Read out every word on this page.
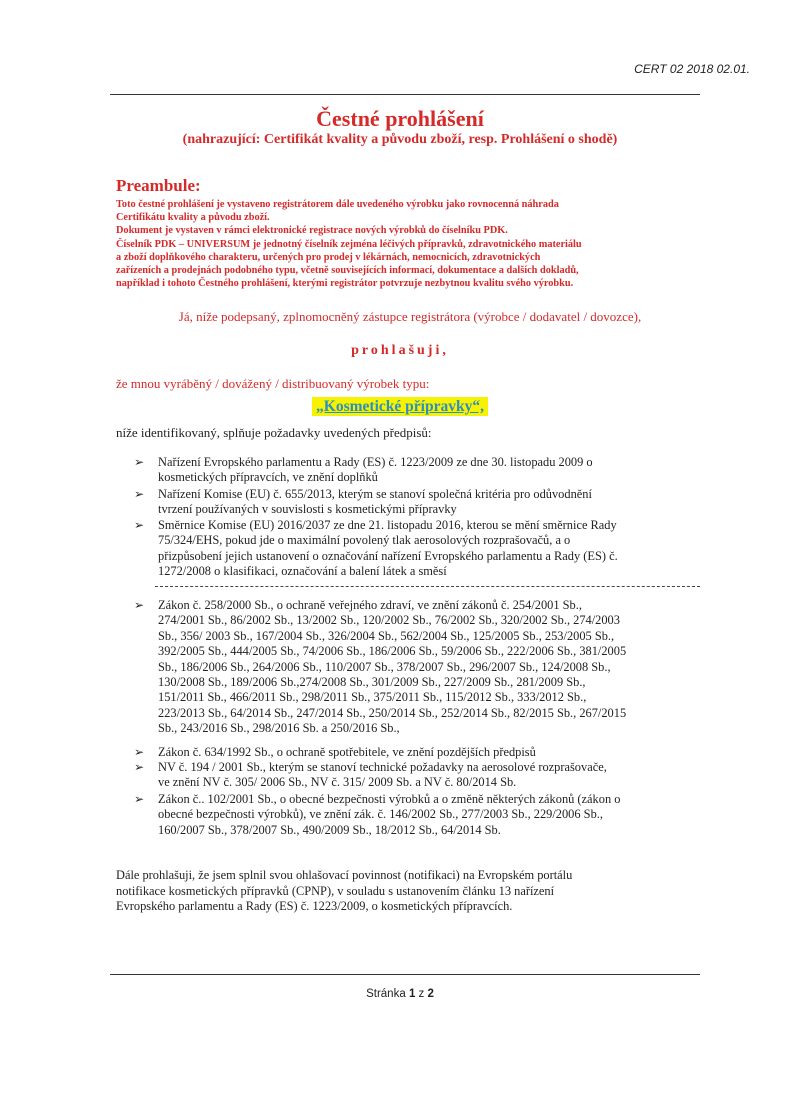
CERT 02 2018 02.01.
Čestné prohlášení
(nahrazující: Certifikát kvality a původu zboží, resp. Prohlášení o shodě)
Preambule:
Toto čestné prohlášení je vystaveno registrátorem dále uvedeného výrobku jako rovnocenná náhrada
Certifikátu kvality a původu zboží.
Dokument je vystaven v rámci elektronické registrace nových výrobků do číselníku PDK.
Číselník PDK – UNIVERSUM je jednotný číselník zejména léčivých přípravků, zdravotnického materiálu
a zboží doplňkového charakteru, určených pro prodej v lékárnách, nemocnicích, zdravotnických
zařízeních a prodejnách podobného typu, včetně souvisejících informací, dokumentace a dalších dokladů,
například i tohoto Čestného prohlášení, kterými registrátor potvrzuje nezbytnou kvalitu svého výrobku.
Já, níže podepsaný, zplnomocněný zástupce registrátora (výrobce / dodavatel / dovozce),
prohlašuji,
že mnou vyráběný / dovážený / distribuovaný výrobek typu:
„Kosmetické přípravky“,
níže identifikovaný, splňuje požadavky uvedených předpisů:
➢ Nařízení Evropského parlamentu a Rady (ES) č. 1223/2009 ze dne 30. listopadu 2009 o
kosmetických přípravcích, ve znění doplňků
➢ Nařízení Komise (EU) č. 655/2013, kterým se stanoví společná kritéria pro odůvodnění
tvrzení používaných v souvislosti s kosmetickými přípravky
➢ Směrnice Komise (EU) 2016/2037 ze dne 21. listopadu 2016, kterou se mění směrnice Rady
75/324/EHS, pokud jde o maximální povolený tlak aerosolových rozprašovačů, a o
přizpůsobení jejich ustanovení o označování nařízení Evropského parlamentu a Rady (ES) č.
1272/2008 o klasifikaci, označování a balení látek a směsí
➢ Zákon č. 258/2000 Sb., o ochraně veřejného zdraví, ve znění zákonů č. 254/2001 Sb.,
274/2001 Sb., 86/2002 Sb., 13/2002 Sb., 120/2002 Sb., 76/2002 Sb., 320/2002 Sb., 274/2003
Sb., 356/ 2003 Sb., 167/2004 Sb., 326/2004 Sb., 562/2004 Sb., 125/2005 Sb., 253/2005 Sb.,
392/2005 Sb., 444/2005 Sb., 74/2006 Sb., 186/2006 Sb., 59/2006 Sb., 222/2006 Sb., 381/2005
Sb., 186/2006 Sb., 264/2006 Sb., 110/2007 Sb., 378/2007 Sb., 296/2007 Sb., 124/2008 Sb.,
130/2008 Sb., 189/2006 Sb.,274/2008 Sb., 301/2009 Sb., 227/2009 Sb., 281/2009 Sb.,
151/2011 Sb., 466/2011 Sb., 298/2011 Sb., 375/2011 Sb., 115/2012 Sb., 333/2012 Sb.,
223/2013 Sb., 64/2014 Sb., 247/2014 Sb., 250/2014 Sb., 252/2014 Sb., 82/2015 Sb., 267/2015
Sb., 243/2016 Sb., 298/2016 Sb. a 250/2016 Sb.,
➢ Zákon č. 634/1992 Sb., o ochraně spotřebitele, ve znění pozdějších předpisů
➢ NV č. 194 / 2001 Sb., kterým se stanoví technické požadavky na aerosolové rozprašovače,
ve znění NV č. 305/ 2006 Sb., NV č. 315/ 2009 Sb. a NV č. 80/2014 Sb.
➢ Zákon č.. 102/2001 Sb., o obecné bezpečnosti výrobků a o změně některých zákonů (zákon o
obecné bezpečnosti výrobků), ve znění zák. č. 146/2002 Sb., 277/2003 Sb., 229/2006 Sb.,
160/2007 Sb., 378/2007 Sb., 490/2009 Sb., 18/2012 Sb., 64/2014 Sb.
Dále prohlašuji, že jsem splnil svou ohlašovací povinnost (notifikaci) na Evropském portálu
notifikace kosmetických přípravků (CPNP), v souladu s ustanovením článku 13 nařízení
Evropského parlamentu a Rady (ES) č. 1223/2009, o kosmetických přípravcích.
Stránka 1 z 2
